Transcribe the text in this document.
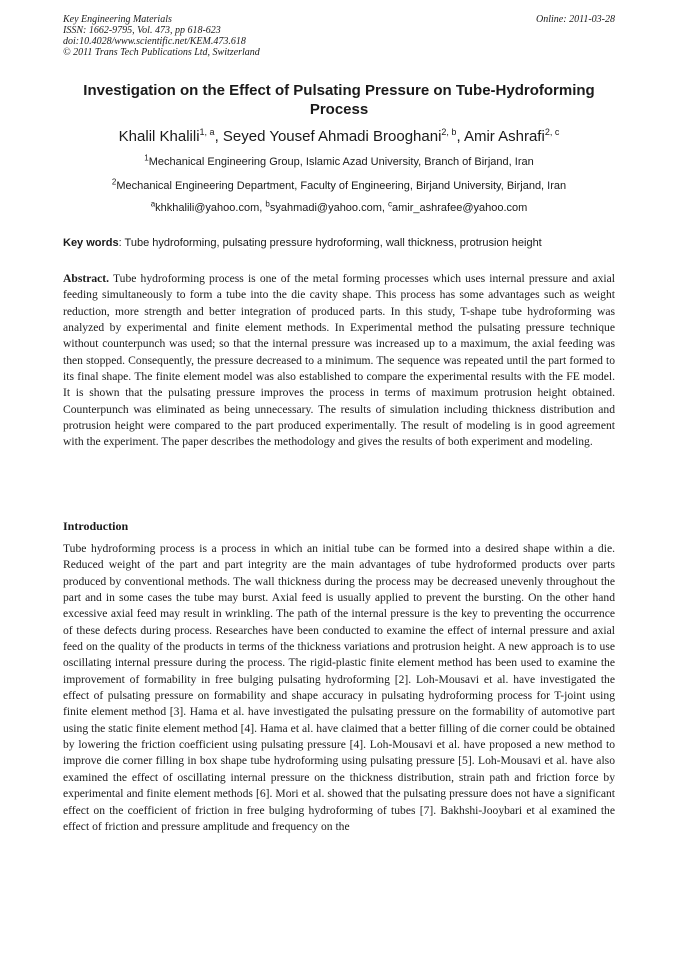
Key Engineering Materials
ISSN: 1662-9795, Vol. 473, pp 618-623
doi:10.4028/www.scientific.net/KEM.473.618
© 2011 Trans Tech Publications Ltd, Switzerland
Online: 2011-03-28
Investigation on the Effect of Pulsating Pressure on Tube-Hydroforming Process
Khalil Khalili$^{1, a}$, Seyed Yousef Ahmadi Brooghani$^{2, b}$, Amir Ashrafi$^{2, c}$
$^1$Mechanical Engineering Group, Islamic Azad University, Branch of Birjand, Iran
$^2$Mechanical Engineering Department, Faculty of Engineering, Birjand University, Birjand, Iran
$^a$khkhalili@yahoo.com, $^b$syahmadi@yahoo.com, $^c$amir_ashrafee@yahoo.com
Key words: Tube hydroforming, pulsating pressure hydroforming, wall thickness, protrusion height

Abstract. Tube hydroforming process is one of the metal forming processes which uses internal pressure and axial feeding simultaneously to form a tube into the die cavity shape. This process has some advantages such as weight reduction, more strength and better integration of produced parts. In this study, T-shape tube hydroforming was analyzed by experimental and finite element methods. In Experimental method the pulsating pressure technique without counterpunch was used; so that the internal pressure was increased up to a maximum, the axial feeding was then stopped. Consequently, the pressure decreased to a minimum. The sequence was repeated until the part formed to its final shape. The finite element model was also established to compare the experimental results with the FE model. It is shown that the pulsating pressure improves the process in terms of maximum protrusion height obtained. Counterpunch was eliminated as being unnecessary. The results of simulation including thickness distribution and protrusion height were compared to the part produced experimentally. The result of modeling is in good agreement with the experiment. The paper describes the methodology and gives the results of both experiment and modeling.

Introduction

Tube hydroforming process is a process in which an initial tube can be formed into a desired shape within a die. Reduced weight of the part and part integrity are the main advantages of tube hydroformed products over parts produced by conventional methods. The wall thickness during the process may be decreased unevenly throughout the part and in some cases the tube may burst. Axial feed is usually applied to prevent the bursting. On the other hand excessive axial feed may result in wrinkling. The path of the internal pressure is the key to preventing the occurrence of these defects during process. Researches have been conducted to examine the effect of internal pressure and axial feed on the quality of the products in terms of the thickness variations and protrusion height. A new approach is to use oscillating internal pressure during the process. The rigid-plastic finite element method has been used to examine the improvement of formability in free bulging pulsating hydroforming [2]. Loh-Mousavi et al. have investigated the effect of pulsating pressure on formability and shape accuracy in pulsating hydroforming process for T-joint using finite element method [3]. Hama et al. have investigated the pulsating pressure on the formability of automotive part using the static finite element method [4]. Hama et al. have claimed that a better filling of die corner could be obtained by lowering the friction coefficient using pulsating pressure [4]. Loh-Mousavi et al. have proposed a new method to improve die corner filling in box shape tube hydroforming using pulsating pressure [5]. Loh-Mousavi et al. have also examined the effect of oscillating internal pressure on the thickness distribution, strain path and friction force by experimental and finite element methods [6]. Mori et al. showed that the pulsating pressure does not have a significant effect on the coefficient of friction in free bulging hydroforming of tubes [7]. Bakhshi-Jooybari et al examined the effect of friction and pressure amplitude and frequency on the
